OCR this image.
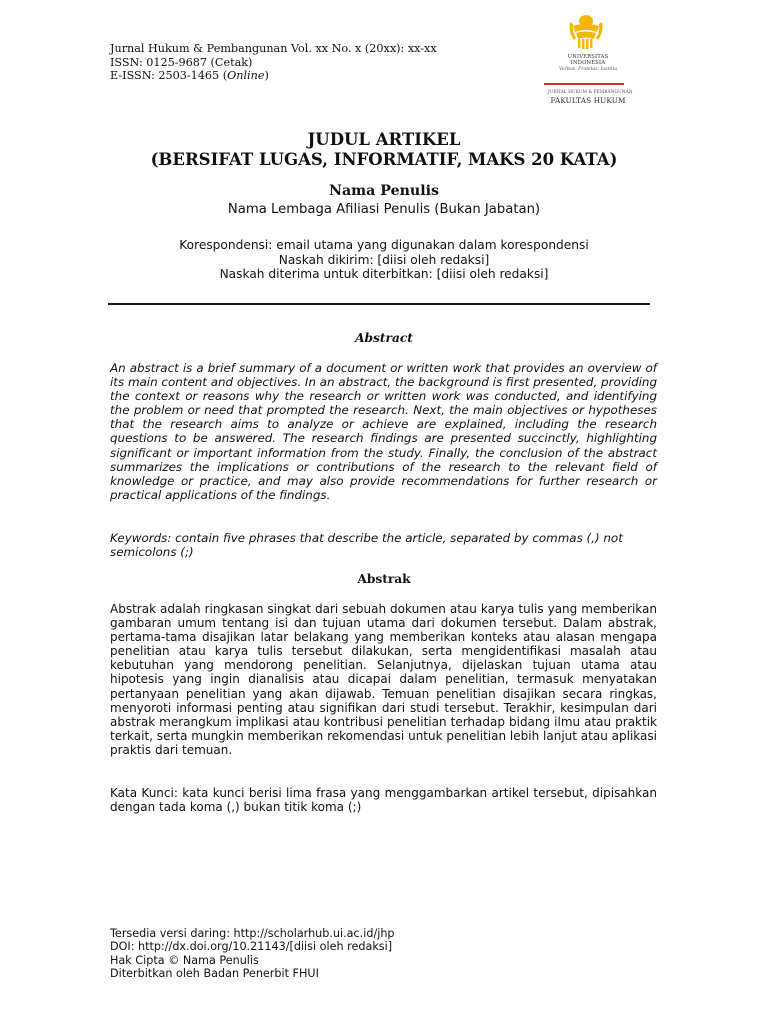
Jurnal Hukum & Pembangunan Vol. xx No. x (20xx): xx-xx
ISSN: 0125-9687 (Cetak)
E-ISSN: 2503-1465 (Online)
UNIVERSITAS
INDONESIA
Veritas, Probitas, Iustitia
JURNAL HUKUM & PEMBANGUNAN
FAKULTAS HUKUM
JUDUL ARTIKEL
(BERSIFAT LUGAS, INFORMATIF, MAKS 20 KATA)
Nama Penulis
Nama Lembaga Afiliasi Penulis (Bukan Jabatan)
Korespondensi: email utama yang digunakan dalam korespondensi
Naskah dikirim: [diisi oleh redaksi]
Naskah diterima untuk diterbitkan: [diisi oleh redaksi]
Abstract
An abstract is a brief summary of a document or written work that provides an overview of its main content and objectives. In an abstract, the background is first presented, providing the context or reasons why the research or written work was conducted, and identifying the problem or need that prompted the research. Next, the main objectives or hypotheses that the research aims to analyze or achieve are explained, including the research questions to be answered. The research findings are presented succinctly, highlighting significant or important information from the study. Finally, the conclusion of the abstract summarizes the implications or contributions of the research to the relevant field of knowledge or practice, and may also provide recommendations for further research or practical applications of the findings.
Keywords: contain five phrases that describe the article, separated by commas (,) not semicolons (;)
Abstrak
Abstrak adalah ringkasan singkat dari sebuah dokumen atau karya tulis yang memberikan gambaran umum tentang isi dan tujuan utama dari dokumen tersebut. Dalam abstrak, pertama-tama disajikan latar belakang yang memberikan konteks atau alasan mengapa penelitian atau karya tulis tersebut dilakukan, serta mengidentifikasi masalah atau kebutuhan yang mendorong penelitian. Selanjutnya, dijelaskan tujuan utama atau hipotesis yang ingin dianalisis atau dicapai dalam penelitian, termasuk menyatakan pertanyaan penelitian yang akan dijawab. Temuan penelitian disajikan secara ringkas, menyoroti informasi penting atau signifikan dari studi tersebut. Terakhir, kesimpulan dari abstrak merangkum implikasi atau kontribusi penelitian terhadap bidang ilmu atau praktik terkait, serta mungkin memberikan rekomendasi untuk penelitian lebih lanjut atau aplikasi praktis dari temuan.
Kata Kunci: kata kunci berisi lima frasa yang menggambarkan artikel tersebut, dipisahkan dengan tada koma (,) bukan titik koma (;)
Tersedia versi daring: http://scholarhub.ui.ac.id/jhp
DOI: http://dx.doi.org/10.21143/[diisi oleh redaksi]
Hak Cipta © Nama Penulis
Diterbitkan oleh Badan Penerbit FHUI
